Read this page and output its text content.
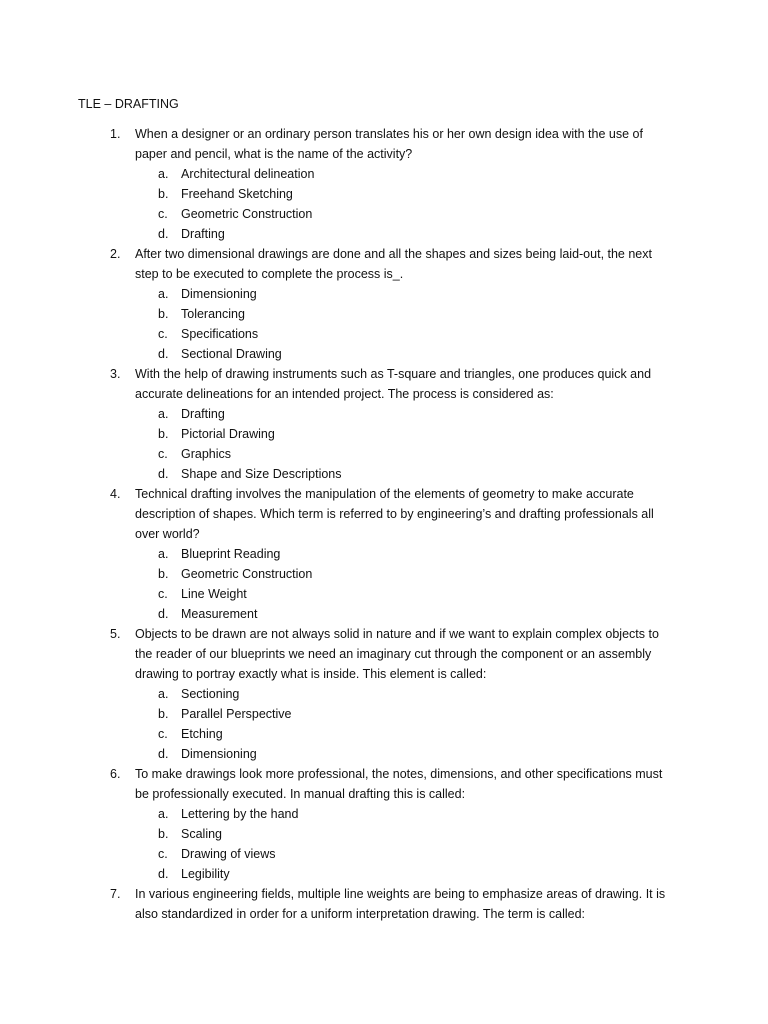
TLE – DRAFTING
1. When a designer or an ordinary person translates his or her own design idea with the use of paper and pencil, what is the name of the activity?
a. Architectural delineation
b. Freehand Sketching
c. Geometric Construction
d. Drafting
2. After two dimensional drawings are done and all the shapes and sizes being laid-out, the next step to be executed to complete the process is_.
a. Dimensioning
b. Tolerancing
c. Specifications
d. Sectional Drawing
3. With the help of drawing instruments such as T-square and triangles, one produces quick and accurate delineations for an intended project. The process is considered as:
a. Drafting
b. Pictorial Drawing
c. Graphics
d. Shape and Size Descriptions
4. Technical drafting involves the manipulation of the elements of geometry to make accurate description of shapes. Which term is referred to by engineering’s and drafting professionals all over world?
a. Blueprint Reading
b. Geometric Construction
c. Line Weight
d. Measurement
5. Objects to be drawn are not always solid in nature and if we want to explain complex objects to the reader of our blueprints we need an imaginary cut through the component or an assembly drawing to portray exactly what is inside. This element is called:
a. Sectioning
b. Parallel Perspective
c. Etching
d. Dimensioning
6. To make drawings look more professional, the notes, dimensions, and other specifications must be professionally executed. In manual drafting this is called:
a. Lettering by the hand
b. Scaling
c. Drawing of views
d. Legibility
7. In various engineering fields, multiple line weights are being to emphasize areas of drawing. It is also standardized in order for a uniform interpretation drawing. The term is called:
